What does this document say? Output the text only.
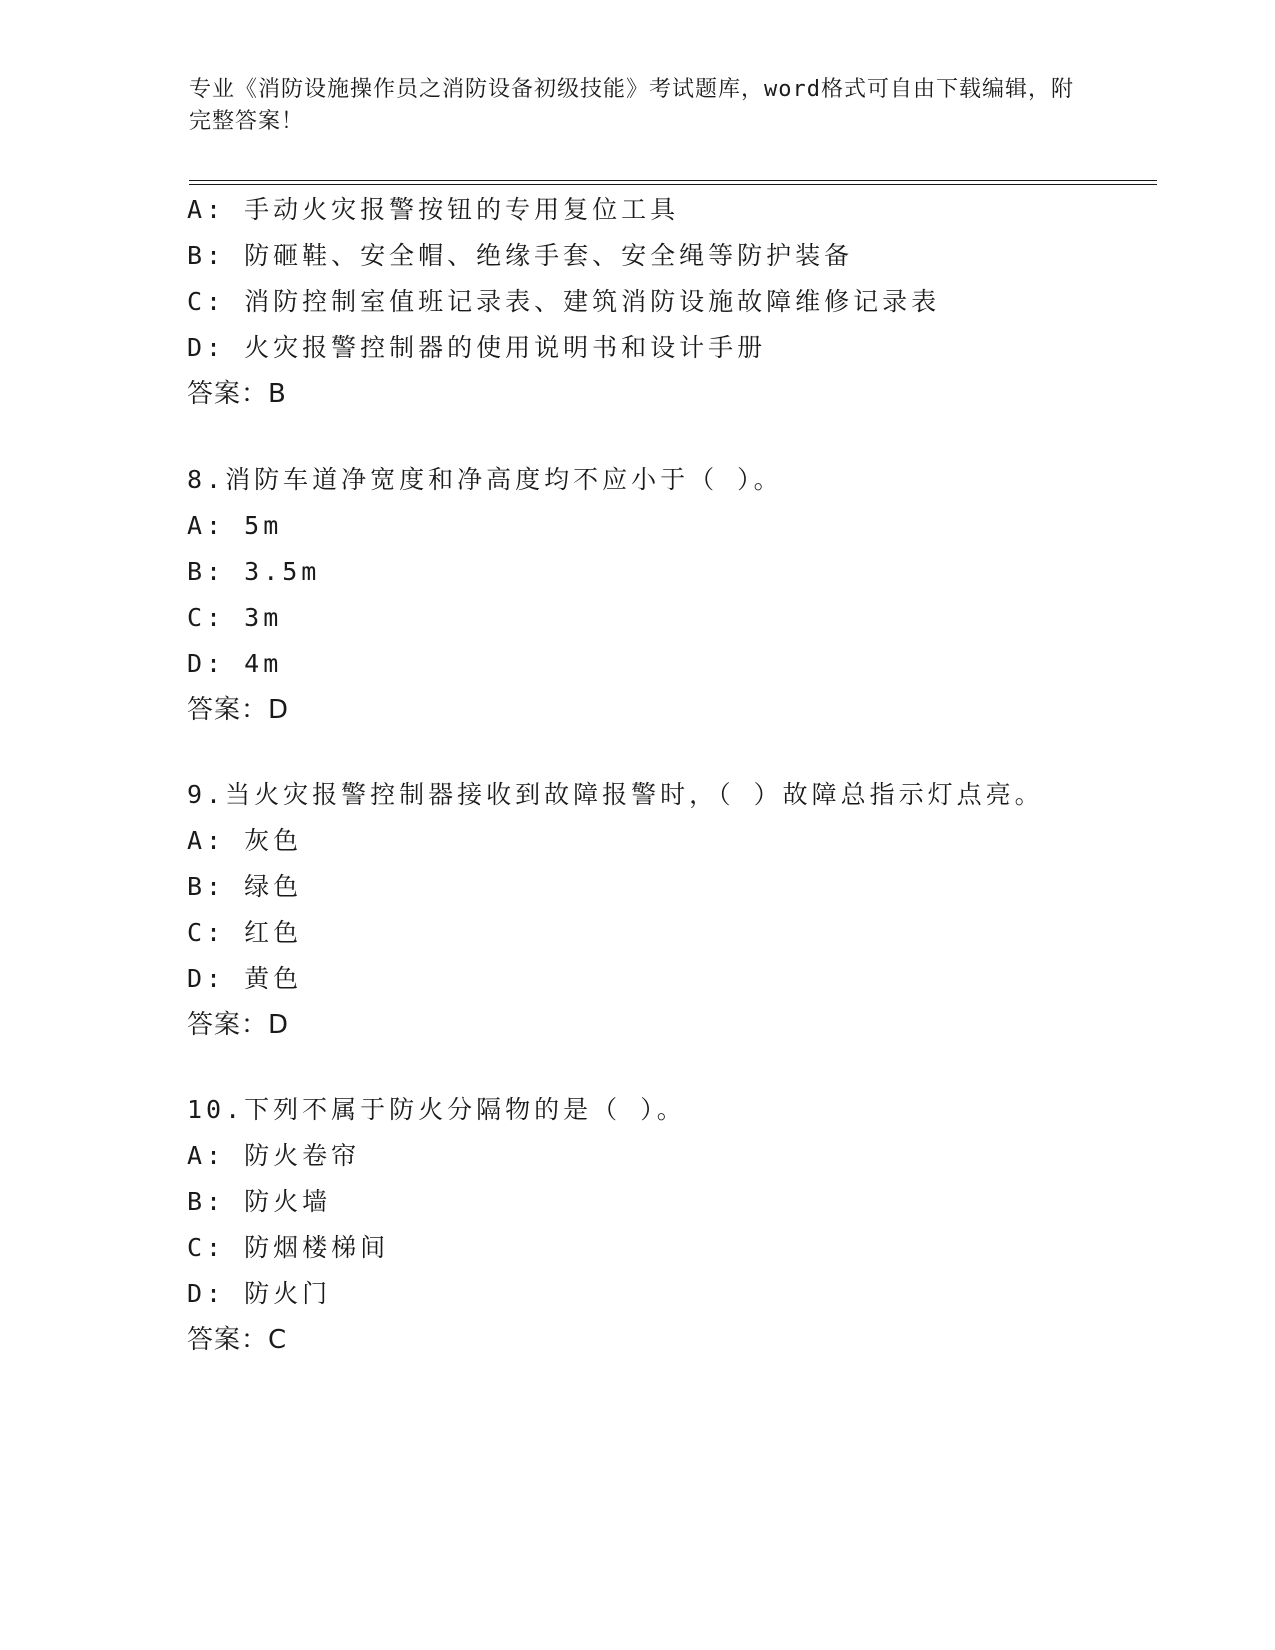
专业《消防设施操作员之消防设备初级技能》考试题库，word格式可自由下载编辑，附完整答案！
A: 手动火灾报警按钮的专用复位工具
B: 防砸鞋、安全帽、绝缘手套、安全绳等防护装备
C: 消防控制室值班记录表、建筑消防设施故障维修记录表
D: 火灾报警控制器的使用说明书和设计手册
答案：B
8.消防车道净宽度和净高度均不应小于（ ）。
A: 5m
B: 3.5m
C: 3m
D: 4m
答案：D
9.当火灾报警控制器接收到故障报警时，（ ）故障总指示灯点亮。
A: 灰色
B: 绿色
C: 红色
D: 黄色
答案：D
10.下列不属于防火分隔物的是（ ）。
A: 防火卷帘
B: 防火墙
C: 防烟楼梯间
D: 防火门
答案：C
